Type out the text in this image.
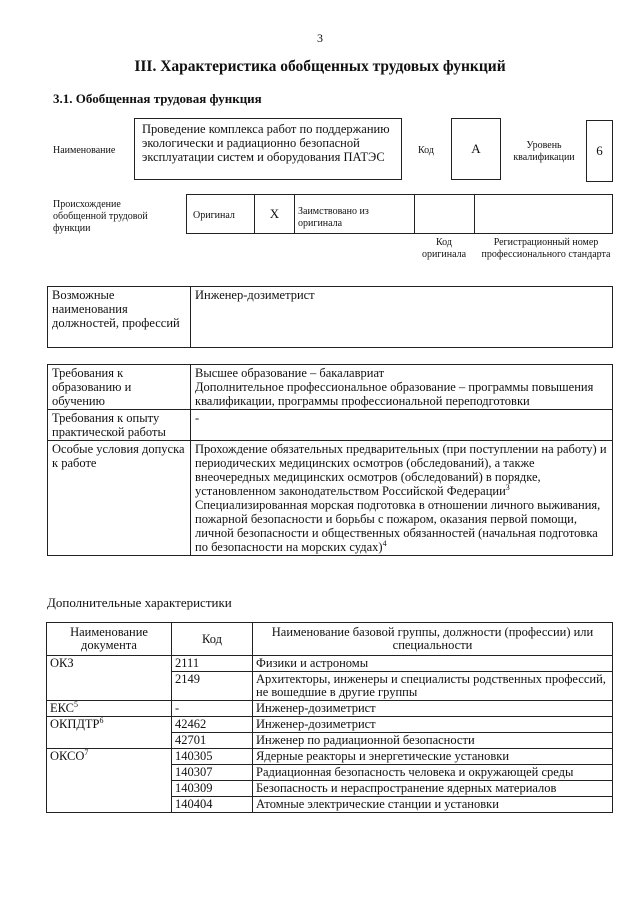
3
III. Характеристика обобщенных трудовых функций
3.1. Обобщенная трудовая функция
Наименование
Проведение комплекса работ по поддержанию экологически и радиационно безопасной эксплуатации систем и оборудования ПАТЭС	Код	A	Уровень квалификации	6
Происхождение обобщенной трудовой функции
Оригинал	X	Заимствовано из оригинала
Код оригинала
Регистрационный номер профессионального стандарта
Возможные наименования должностей, профессий	Инженер-дозиметрист
Требования к образованию и обучению	Высшее образование – бакалавриат
Дополнительное профессиональное образование – программы повышения квалификации, программы профессиональной переподготовки

Требования к опыту практической работы	-
Особые условия допуска к работе	Прохождение обязательных предварительных (при поступлении на работу) и периодических медицинских осмотров (обследований), а также внеочередных медицинских осмотров (обследований) в порядке, установленном законодательством Российской Федерации$^3$
Специализированная морская подготовка в отношении личного выживания, пожарной безопасности и борьбы с пожаром, оказания первой помощи, личной безопасности и общественных обязанностей (начальная подготовка по безопасности на морских судах)$^4$
Дополнительные характеристики
Наименование документа	Код	Наименование базовой группы, должности (профессии) или специальности
ОКЗ	2111	Физики и астрономы
	2149	Архитекторы, инженеры и специалисты родственных профессий, не вошедшие в другие группы
ЕКС$^5$	-	Инженер-дозиметрист
ОКПДТР$^6$	42462	Инженер-дозиметрист
	42701	Инженер по радиационной безопасности
ОКСО$^7$	140305	Ядерные реакторы и энергетические установки
	140307	Радиационная безопасность человека и окружающей среды
	140309	Безопасность и нераспространение ядерных материалов
	140404	Атомные электрические станции и установки
